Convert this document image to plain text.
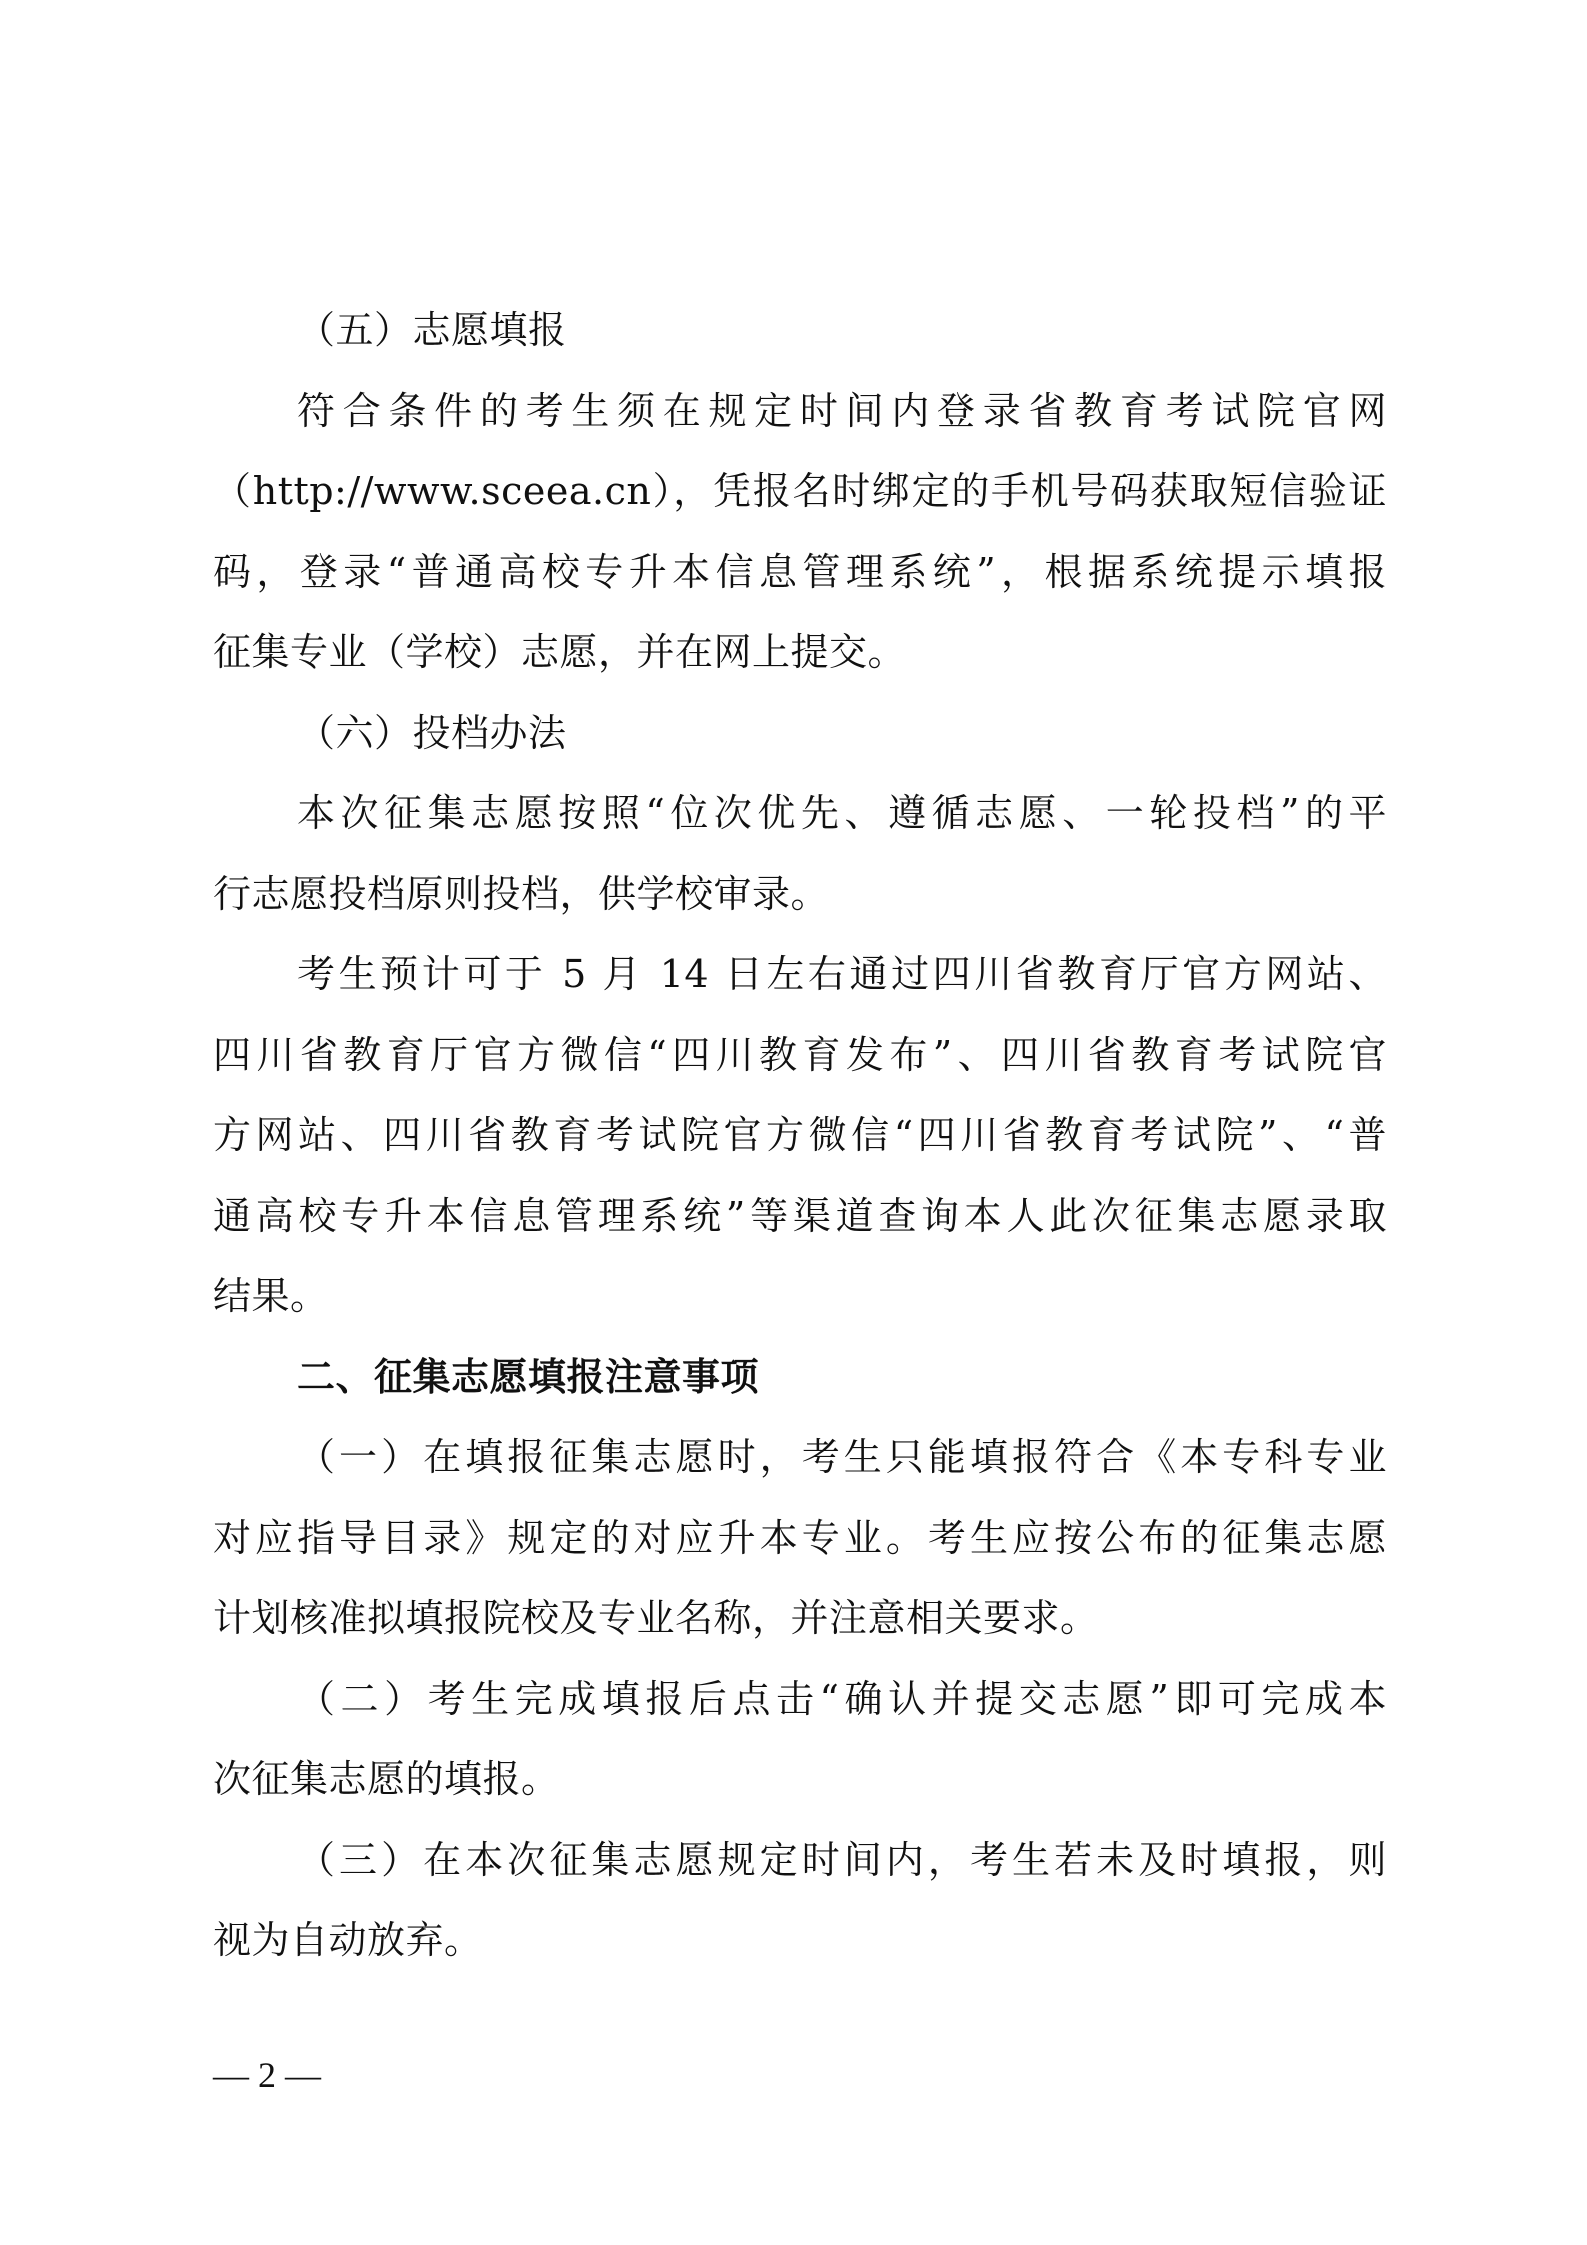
（五）志愿填报
符合条件的考生须在规定时间内登录省教育考试院官网
（http://www.sceea.cn），凭报名时绑定的手机号码获取短信验证
码，登录“普通高校专升本信息管理系统”，根据系统提示填报
征集专业（学校）志愿，并在网上提交。
（六）投档办法
本次征集志愿按照“位次优先、遵循志愿、一轮投档”的平
行志愿投档原则投档，供学校审录。
考生预计可于 5 月 14 日左右通过四川省教育厅官方网站、
四川省教育厅官方微信“四川教育发布”、四川省教育考试院官
方网站、四川省教育考试院官方微信“四川省教育考试院”、“普
通高校专升本信息管理系统”等渠道查询本人此次征集志愿录取
结果。
二、征集志愿填报注意事项
（一）在填报征集志愿时，考生只能填报符合《本专科专业
对应指导目录》规定的对应升本专业。考生应按公布的征集志愿
计划核准拟填报院校及专业名称，并注意相关要求。
（二）考生完成填报后点击“确认并提交志愿”即可完成本
次征集志愿的填报。
（三）在本次征集志愿规定时间内，考生若未及时填报，则
视为自动放弃。
— 2 —
